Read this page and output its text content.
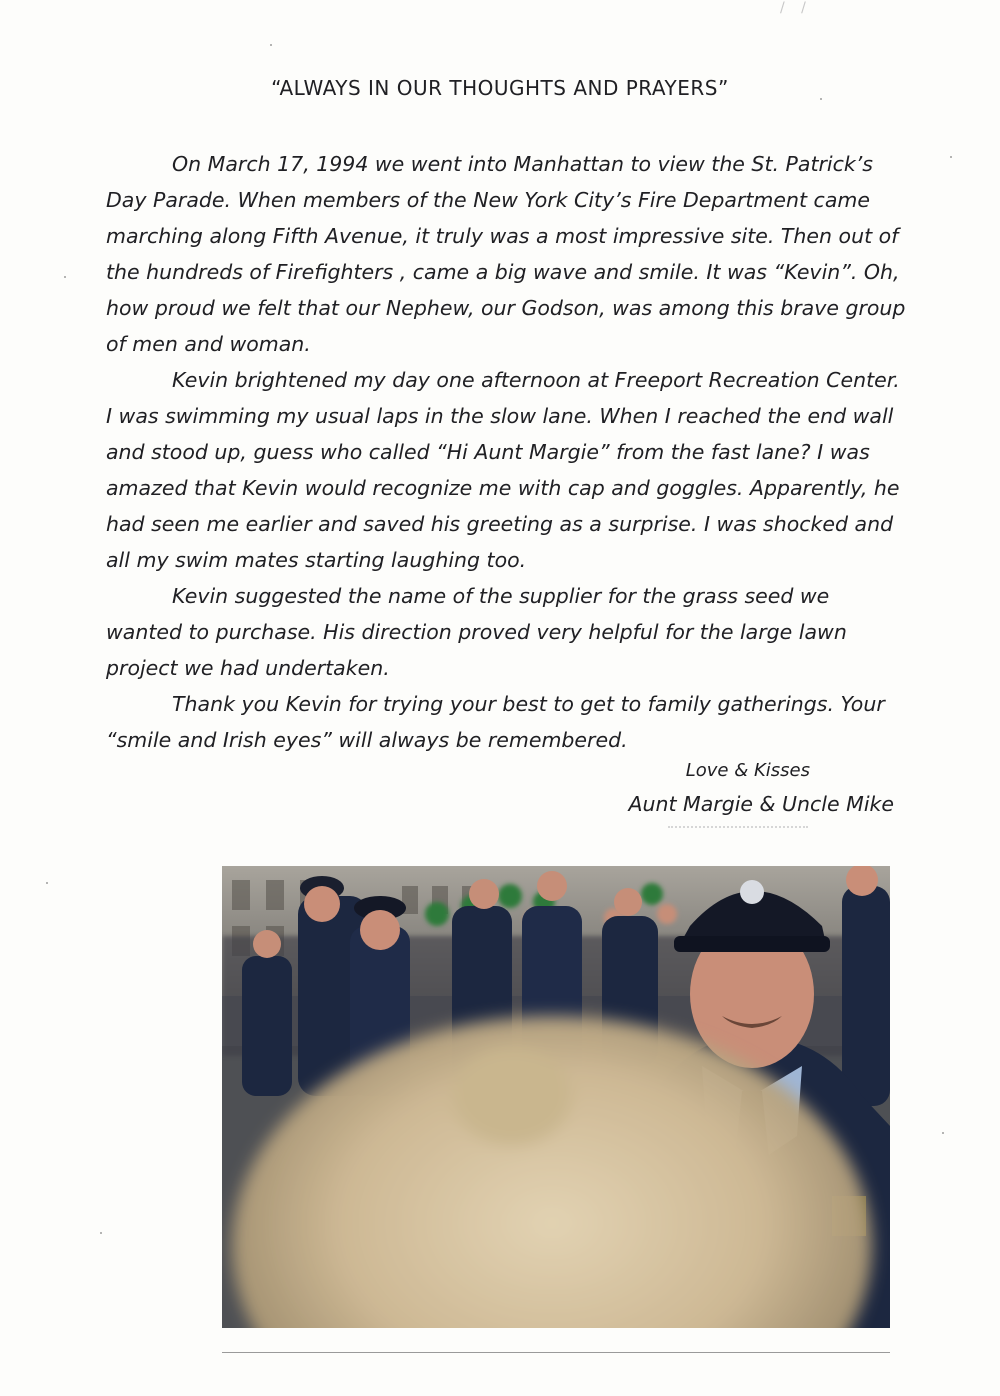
/ /
“ALWAYS IN OUR THOUGHTS AND PRAYERS”

On March 17, 1994 we went into Manhattan to view the St. Patrick’s Day Parade. When members of the New York City’s Fire Department came marching along Fifth Avenue, it truly was a most impressive site. Then out of the hundreds of Firefighters , came a big wave and smile. It was “Kevin”. Oh, how proud we felt that our Nephew, our Godson, was among this brave group of men and woman.

Kevin brightened my day one afternoon at Freeport Recreation Center. I was swimming my usual laps in the slow lane. When I reached the end wall and stood up, guess who called “Hi Aunt Margie” from the fast lane? I was amazed that Kevin would recognize me with cap and goggles. Apparently, he had seen me earlier and saved his greeting as a surprise. I was shocked and all my swim mates starting laughing too.

Kevin suggested the name of the supplier for the grass seed we wanted to purchase. His direction proved very helpful for the large lawn project we had undertaken.

Thank you Kevin for trying your best to get to family gatherings. Your “smile and Irish eyes” will always be remembered.

Love & Kisses
Aunt Margie & Uncle Mike
